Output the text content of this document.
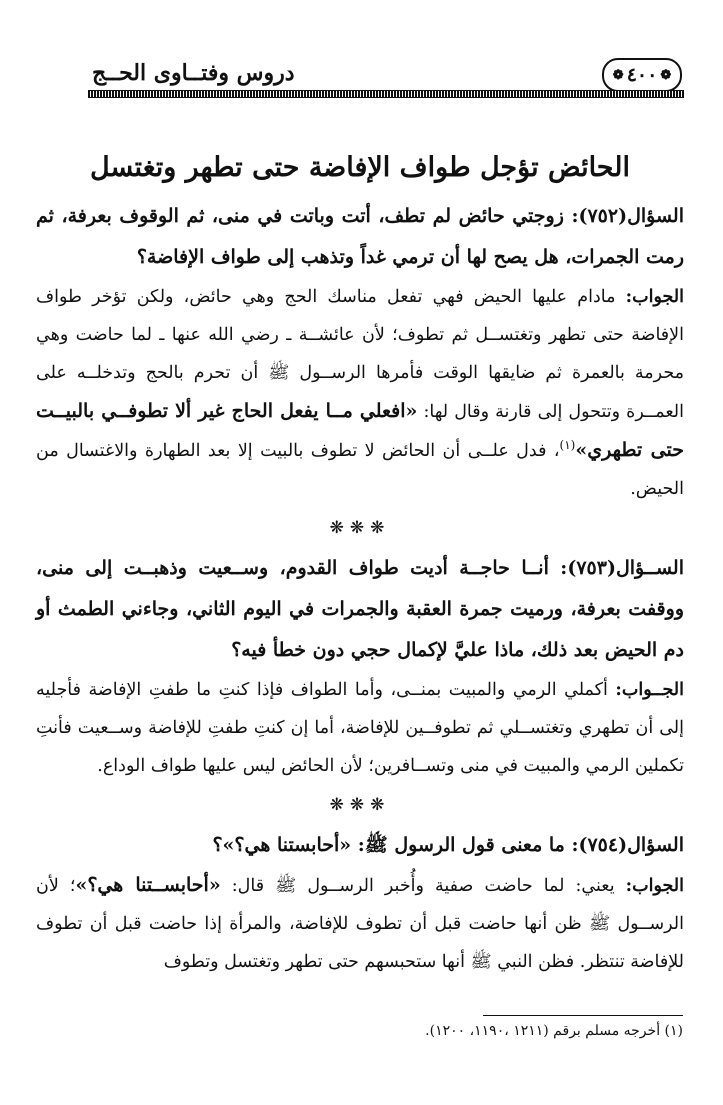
❁ ٤٠٠ ❁
دروس وفتــاوى الحــج
الحائض تؤجل طواف الإفاضة حتى تطهر وتغتسل

السؤال(٧٥٢): زوجتي حائض لم تطف، أتت وباتت في منى، ثم الوقوف بعرفة، ثم رمت الجمرات، هل يصح لها أن ترمي غداً وتذهب إلى طواف الإفاضة؟

الجواب: مادام عليها الحيض فهي تفعل مناسك الحج وهي حائض، ولكن تؤخر طواف الإفاضة حتى تطهر وتغتســل ثم تطوف؛ لأن عائشــة ـ رضي الله عنها ـ لما حاضت وهي محرمة بالعمرة ثم ضايقها الوقت فأمرها الرســول ﷺ أن تحرم بالحج وتدخلــه على العمــرة وتتحول إلى قارنة وقال لها: «افعلي مــا يفعل الحاج غير ألا تطوفــي بالبيــت حتى تطهري»$^{(١)}$، فدل علــى أن الحائض لا تطوف بالبيت إلا بعد الطهارة والاغتسال من الحيض.

❋❋❋

الســؤال(٧٥٣): أنــا حاجــة أديت طواف القدوم، وســعيت وذهبــت إلى منى، ووقفت بعرفة، ورميت جمرة العقبة والجمرات في اليوم الثاني، وجاءني الطمث أو دم الحيض بعد ذلك، ماذا عليَّ لإكمال حجي دون خطأ فيه؟

الجــواب: أكملي الرمي والمبيت بمنــى، وأما الطواف فإذا كنتِ ما طفتِ الإفاضة فأجليه إلى أن تطهري وتغتســلي ثم تطوفــين للإفاضة، أما إن كنتِ طفتِ للإفاضة وســعيت فأنتِ تكملين الرمي والمبيت في منى وتســافرين؛ لأن الحائض ليس عليها طواف الوداع.

❋❋❋

السؤال(٧٥٤): ما معنى قول الرسول ﷺ: «أحابستنا هي؟»؟

الجواب: يعني: لما حاضت صفية وأُخبر الرســول ﷺ قال: «أحابســتنا هي؟»؛ لأن الرســول ﷺ ظن أنها حاضت قبل أن تطوف للإفاضة، والمرأة إذا حاضت قبل أن تطوف للإفاضة تنتظر. فظن النبي ﷺ أنها ستحبسهم حتى تطهر وتغتسل وتطوف

(١) أخرجه مسلم برقم (١٢١١ ،١١٩٠، ١٢٠٠).
